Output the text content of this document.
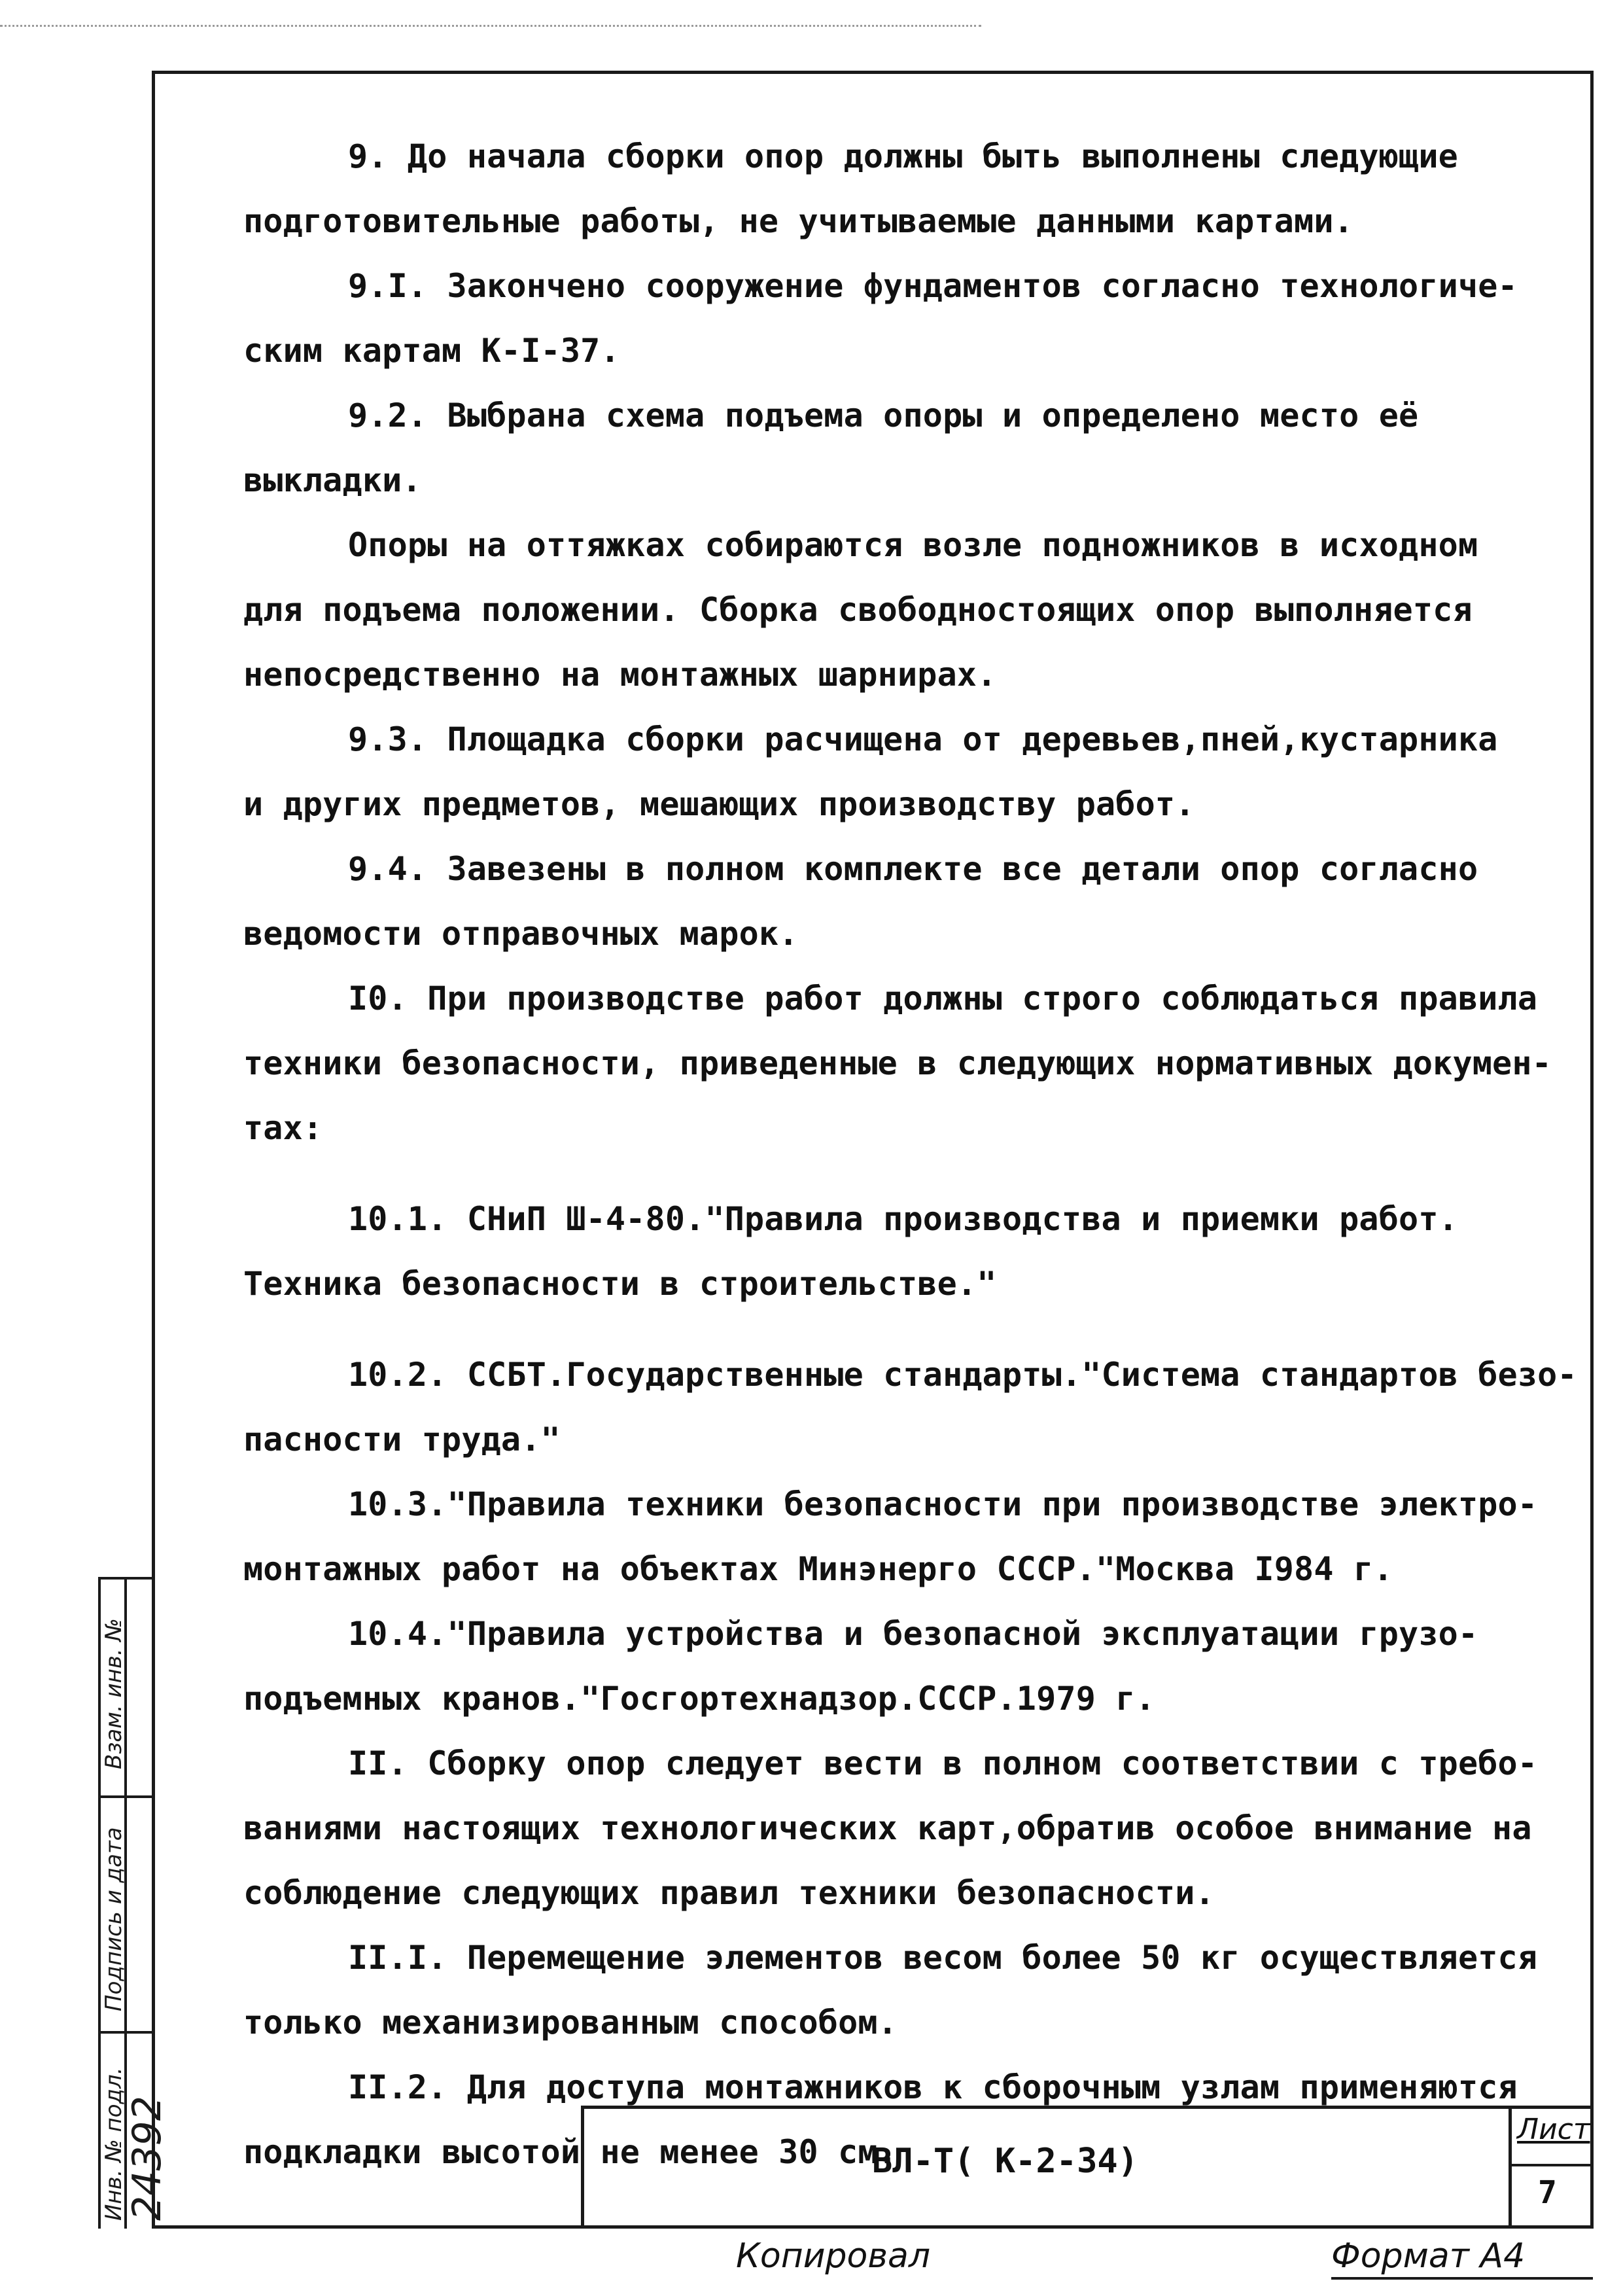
9. До начала сборки опор должны быть выполнены следующие

подготовительные работы, не учитываемые данными картами.

9.I. Закончено сооружение фундаментов согласно технологиче-

ским картам К-I-37.

9.2. Выбрана схема подъема опоры и определено место её

выкладки.

Опоры на оттяжках собираются возле подножников в исходном

для подъема положении. Сборка свободностоящих опор выполняется

непосредственно на монтажных шарнирах.

9.3. Площадка сборки расчищена от деревьев,пней,кустарника

и других предметов, мешающих производству работ.

9.4. Завезены в полном комплекте все детали опор согласно

ведомости отправочных марок.

I0. При производстве работ должны строго соблюдаться правила

техники безопасности, приведенные в следующих нормативных докумен-

тах:

10.1. СНиП Ш-4-80."Правила производства и приемки работ.

Техника безопасности в строительстве."

10.2. ССБТ.Государственные стандарты."Система стандартов безо-

пасности труда."

10.3."Правила техники безопасности при производстве электро-

монтажных работ на объектах Минэнерго СССР."Москва I984 г.

10.4."Правила устройства и безопасной эксплуатации грузо-

подъемных кранов."Госгортехнадзор.СССР.1979 г.

II. Сборку опор следует вести в полном соответствии с требо-

ваниями настоящих технологических карт,обратив особое внимание на

соблюдение следующих правил техники безопасности.

II.I. Перемещение элементов весом более 50 кг осуществляется

только механизированным способом.

II.2. Для доступа монтажников к сборочным узлам применяются

подкладки высотой не менее 30 см.

Взам. инв. №
Подпись и дата
Инв. № подл.
24392	ВЛ-Т( К-2-34)
Лист
7
Копировал	Формат А4
